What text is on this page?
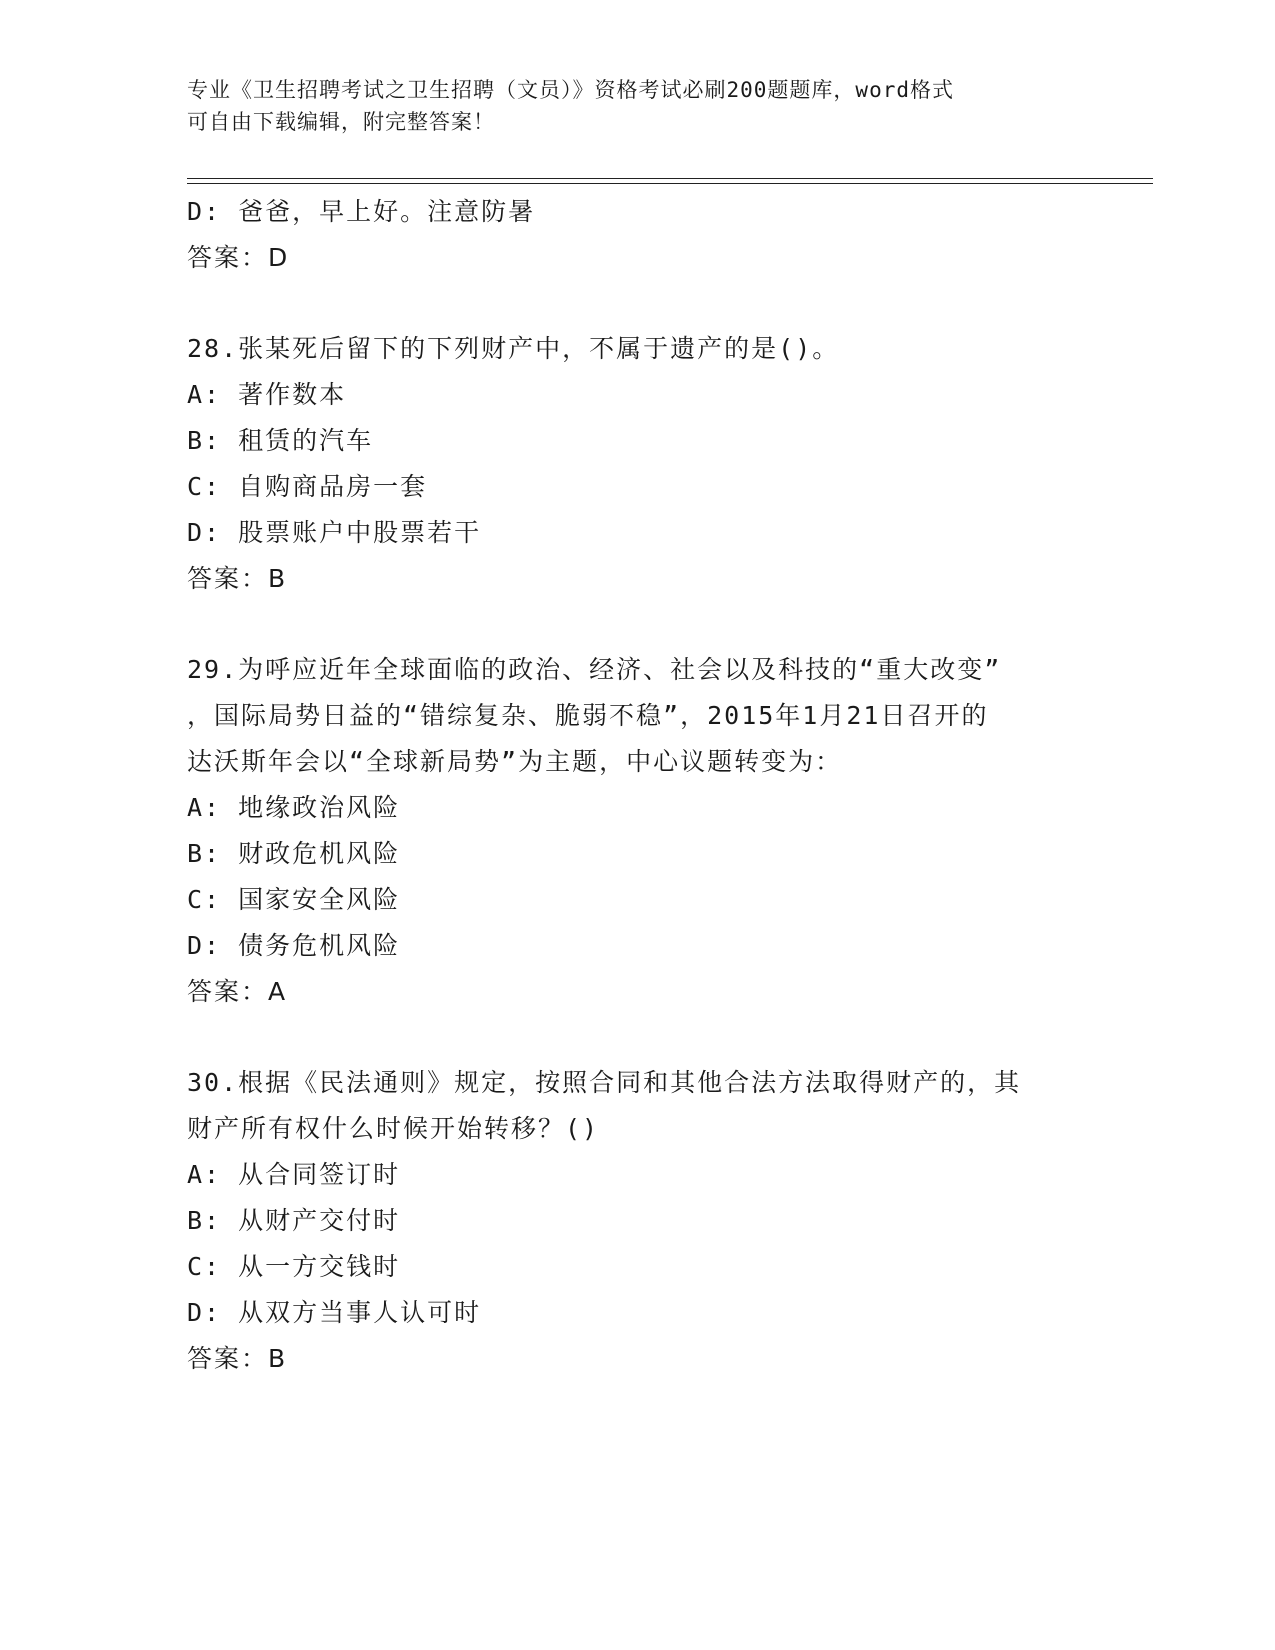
专业《卫生招聘考试之卫生招聘（文员）》资格考试必刷200题题库，word格式
可自由下载编辑，附完整答案！
D: 爸爸，早上好。注意防暑
答案：D
28.张某死后留下的下列财产中，不属于遗产的是()。
A: 著作数本
B: 租赁的汽车
C: 自购商品房一套
D: 股票账户中股票若干
答案：B
29.为呼应近年全球面临的政治、经济、社会以及科技的“重大改变”
，国际局势日益的“错综复杂、脆弱不稳”，2015年1月21日召开的
达沃斯年会以“全球新局势”为主题，中心议题转变为：
A: 地缘政治风险
B: 财政危机风险
C: 国家安全风险
D: 债务危机风险
答案：A
30.根据《民法通则》规定，按照合同和其他合法方法取得财产的，其
财产所有权什么时候开始转移？()
A: 从合同签订时
B: 从财产交付时
C: 从一方交钱时
D: 从双方当事人认可时
答案：B
